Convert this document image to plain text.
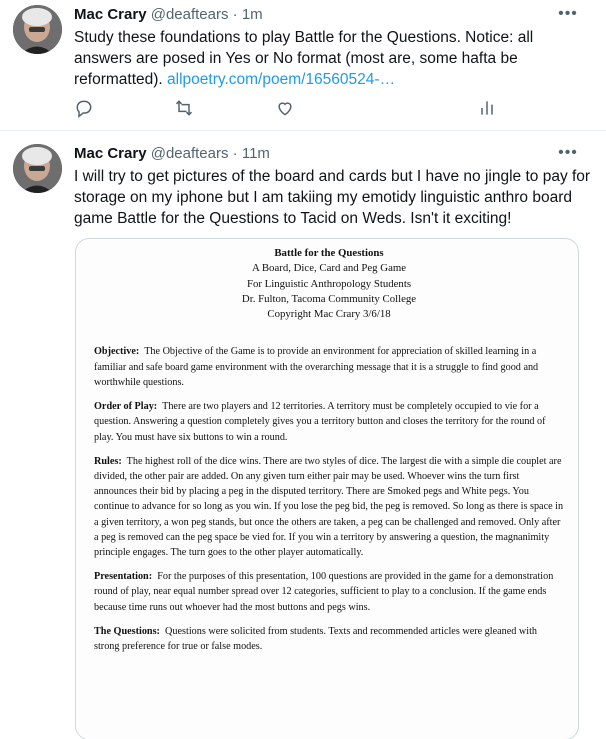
Mac Crary @deaftears · 1m	•••
Study these foundations to play Battle for the Questions. Notice: all answers are posed in Yes or No format (most are, some hafta be reformatted). allpoetry.com/poem/16560524-…
Mac Crary @deaftears · 11m	•••
I will try to get pictures of the board and cards but I have no jingle to pay for storage on my iphone but I am takiing my emotidy linguistic anthro board game Battle for the Questions to Tacid on Weds. Isn't it exciting!
Battle for the Questions
A Board, Dice, Card and Peg Game
For Linguistic Anthropology Students
Dr. Fulton, Tacoma Community College
Copyright Mac Crary 3/6/18
Objective: The Objective of the Game is to provide an environment for appreciation of skilled learning in a familiar and safe board game environment with the overarching message that it is a struggle to find good and worthwhile questions.
Order of Play: There are two players and 12 territories. A territory must be completely occupied to vie for a question. Answering a question completely gives you a territory button and closes the territory for the round of play. You must have six buttons to win a round.
Rules: The highest roll of the dice wins. There are two styles of dice. The largest die with a simple die couplet are divided, the other pair are added. On any given turn either pair may be used. Whoever wins the turn first announces their bid by placing a peg in the disputed territory. There are Smoked pegs and White pegs. You continue to advance for so long as you win. If you lose the peg bid, the peg is removed. So long as there is space in a given territory, a won peg stands, but once the others are taken, a peg can be challenged and removed. Only after a peg is removed can the peg space be vied for. If you win a territory by answering a question, the magnanimity principle engages. The turn goes to the other player automatically.
Presentation: For the purposes of this presentation, 100 questions are provided in the game for a demonstration round of play, near equal number spread over 12 categories, sufficient to play to a conclusion. If the game ends because time runs out whoever had the most buttons and pegs wins.
The Questions: Questions were solicited from students. Texts and recommended articles were gleaned with strong preference for true or false modes.
